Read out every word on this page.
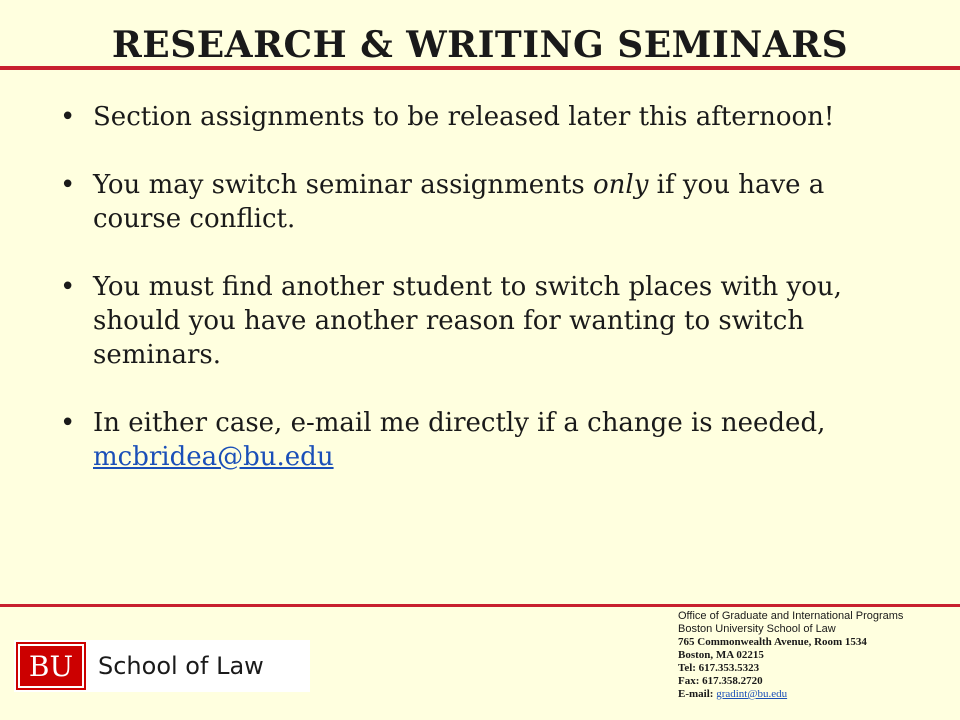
RESEARCH & WRITING SEMINARS
• Section assignments to be released later this afternoon!
• You may switch seminar assignments only if you have a course conflict.
• You must find another student to switch places with you, should you have another reason for wanting to switch seminars.
• In either case, e-mail me directly if a change is needed,
mcbridea@bu.edu
BU	School of Law
Office of Graduate and International Programs
Boston University School of Law
765 Commonwealth Avenue, Room 1534
Boston, MA 02215
Tel: 617.353.5323
Fax: 617.358.2720
E-mail: gradint@bu.edu
